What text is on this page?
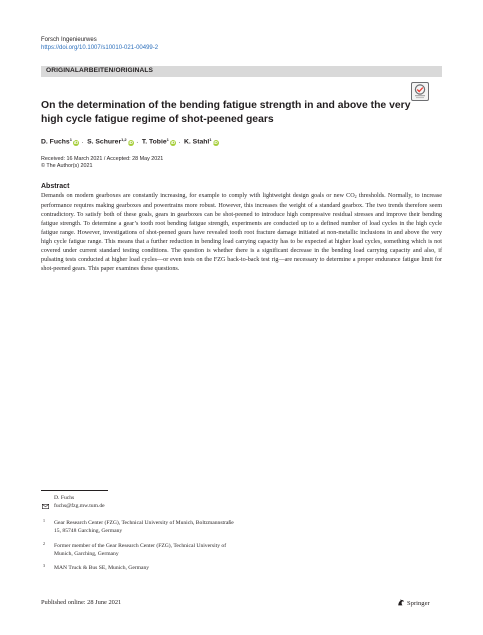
Forsch Ingenieurwes
https://doi.org/10.1007/s10010-021-00499-2
ORIGINALARBEITEN/ORIGINALS
On the determination of the bending fatigue strength in and above the very high cycle fatigue regime of shot-peened gears
D. Fuchs$^1$iD · S. Schurer$^{1,2}$iD · T. Tobie$^1$iD · K. Stahl$^1$iD
Received: 16 March 2021 / Accepted: 28 May 2021
© The Author(s) 2021
Abstract
Demands on modern gearboxes are constantly increasing, for example to comply with lightweight design goals or new $CO_2$ thresholds. Normally, to increase performance requires making gearboxes and powertrains more robust. However, this increases the weight of a standard gearbox. The two trends therefore seem contradictory. To satisfy both of these goals, gears in gearboxes can be shot-peened to introduce high compressive residual stresses and improve their bending fatigue strength. To determine a gear’s tooth root bending fatigue strength, experiments are conducted up to a defined number of load cycles in the high cycle fatigue range. However, investigations of shot-peened gears have revealed tooth root fracture damage initiated at non-metallic inclusions in and above the very high cycle fatigue range. This means that a further reduction in bending load carrying capacity has to be expected at higher load cycles, something which is not covered under current standard testing conditions. The question is whether there is a significant decrease in the bending load carrying capacity and also, if pulsating tests conducted at higher load cycles—or even tests on the FZG back-to-back test rig—are necessary to determine a proper endurance fatigue limit for shot-peened gears. This paper examines these questions.
D. Fuchs
fuchs@fzg.mw.tum.de
1 Gear Research Center (FZG), Technical University of Munich, Boltzmannstraße 15, 85748 Garching, Germany
2 Former member of the Gear Research Center (FZG), Technical University of Munich, Garching, Germany
3 MAN Truck & Bus SE, Munich, Germany
Published online: 28 June 2021	Springer
